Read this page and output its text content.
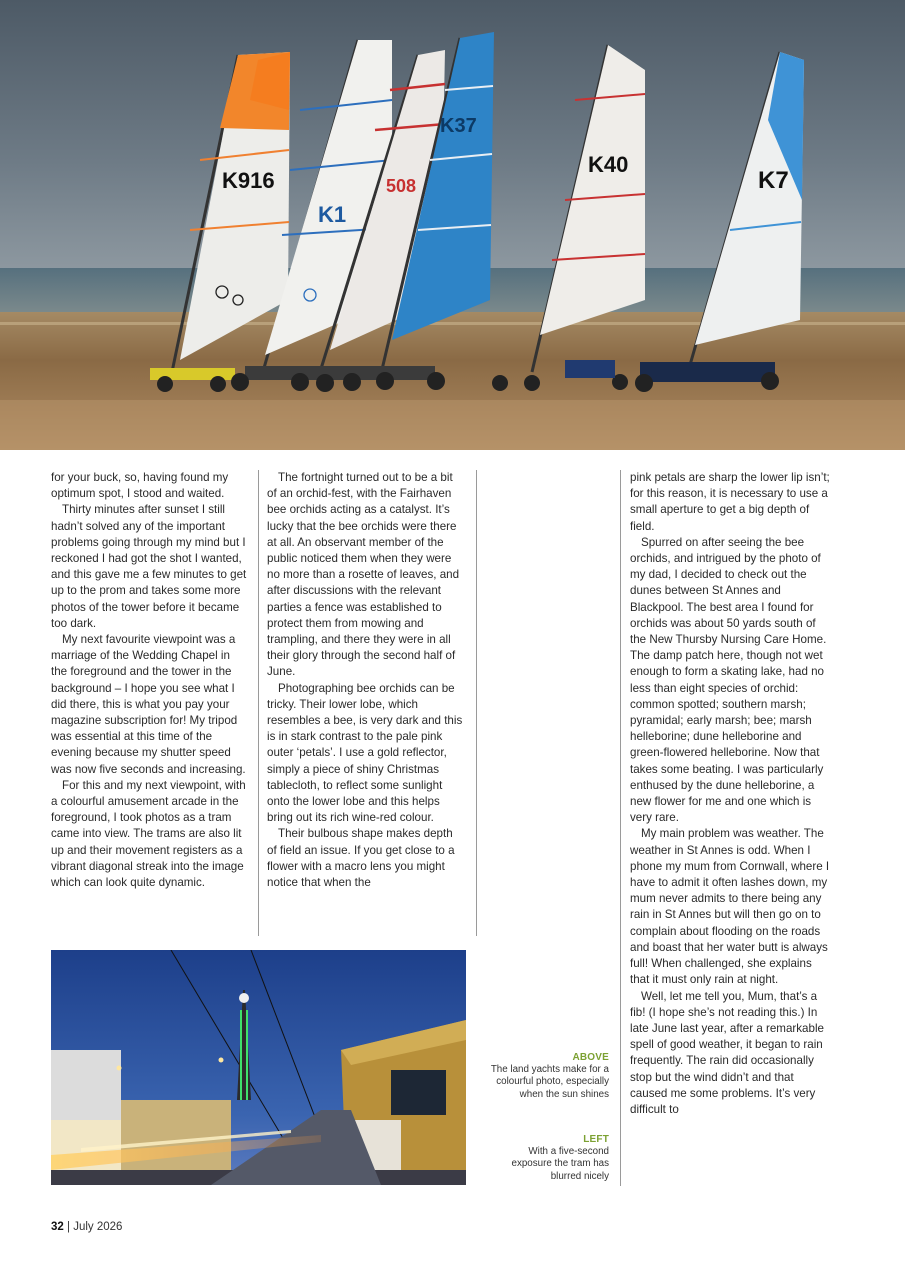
K916
K1
508
K37
K40
K7

for your buck, so, having found my optimum spot, I stood and waited.

Thirty minutes after sunset I still hadn’t solved any of the important problems going through my mind but I reckoned I had got the shot I wanted, and this gave me a few minutes to get up to the prom and takes some more photos of the tower before it became too dark.

My next favourite viewpoint was a marriage of the Wedding Chapel in the foreground and the tower in the background – I hope you see what I did there, this is what you pay your magazine subscription for! My tripod was essential at this time of the evening because my shutter speed was now five seconds and increasing.

For this and my next viewpoint, with a colourful amusement arcade in the foreground, I took photos as a tram came into view. The trams are also lit up and their movement registers as a vibrant diagonal streak into the image which can look quite dynamic.

The fortnight turned out to be a bit of an orchid-fest, with the Fairhaven bee orchids acting as a catalyst. It’s lucky that the bee orchids were there at all. An observant member of the public noticed them when they were no more than a rosette of leaves, and after discussions with the relevant parties a fence was established to protect them from mowing and trampling, and there they were in all their glory through the second half of June.

Photographing bee orchids can be tricky. Their lower lobe, which resembles a bee, is very dark and this is in stark contrast to the pale pink outer ‘petals’. I use a gold reflector, simply a piece of shiny Christmas tablecloth, to reflect some sunlight onto the lower lobe and this helps bring out its rich wine-red colour.

Their bulbous shape makes depth of field an issue. If you get close to a flower with a macro lens you might notice that when the

pink petals are sharp the lower lip isn’t; for this reason, it is necessary to use a small aperture to get a big depth of field.

Spurred on after seeing the bee orchids, and intrigued by the photo of my dad, I decided to check out the dunes between St Annes and Blackpool. The best area I found for orchids was about 50 yards south of the New Thursby Nursing Care Home. The damp patch here, though not wet enough to form a skating lake, had no less than eight species of orchid: common spotted; southern marsh; pyramidal; early marsh; bee; marsh helleborine; dune helleborine and green-flowered helleborine. Now that takes some beating. I was particularly enthused by the dune helleborine, a new flower for me and one which is very rare.

My main problem was weather. The weather in St Annes is odd. When I phone my mum from Cornwall, where I have to admit it often lashes down, my mum never admits to there being any rain in St Annes but will then go on to complain about flooding on the roads and boast that her water butt is always full! When challenged, she explains that it must only rain at night.

Well, let me tell you, Mum, that’s a fib! (I hope she’s not reading this.) In late June last year, after a remarkable spell of good weather, it began to rain frequently. The rain did occasionally stop but the wind didn’t and that caused me some problems. It’s very difficult to

ABOVE
The land yachts make for a colourful photo, especially when the sun shines
LEFT
With a five-second exposure the tram has blurred nicely
32 | July 2026
